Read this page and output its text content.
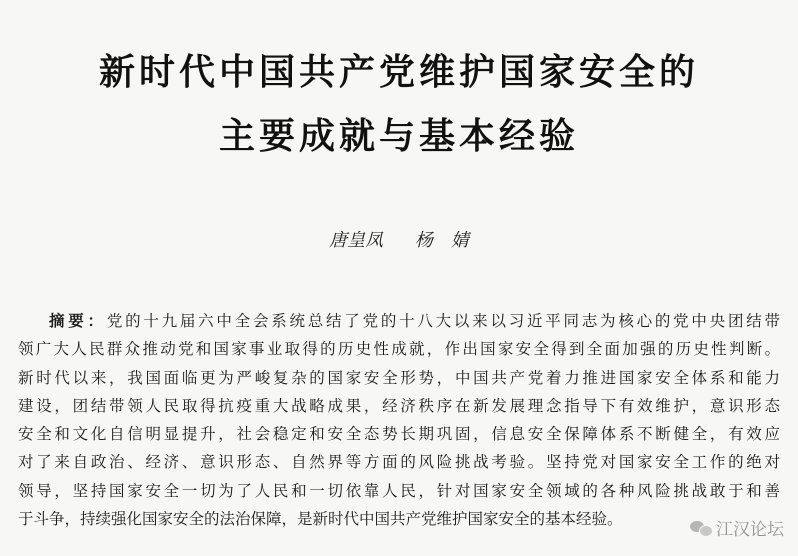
新时代中国共产党维护国家安全的
主要成就与基本经验
唐皇凤 杨　婧
摘要：党的十九届六中全会系统总结了党的十八大以来以习近平同志为核心的党中央团结带
领广大人民群众推动党和国家事业取得的历史性成就，作出国家安全得到全面加强的历史性判断。
新时代以来，我国面临更为严峻复杂的国家安全形势，中国共产党着力推进国家安全体系和能力
建设，团结带领人民取得抗疫重大战略成果，经济秩序在新发展理念指导下有效维护，意识形态
安全和文化自信明显提升，社会稳定和安全态势长期巩固，信息安全保障体系不断健全，有效应
对了来自政治、经济、意识形态、自然界等方面的风险挑战考验。坚持党对国家安全工作的绝对
领导，坚持国家安全一切为了人民和一切依靠人民，针对国家安全领域的各种风险挑战敢于和善
于斗争，持续强化国家安全的法治保障，是新时代中国共产党维护国家安全的基本经验。
江汉论坛
